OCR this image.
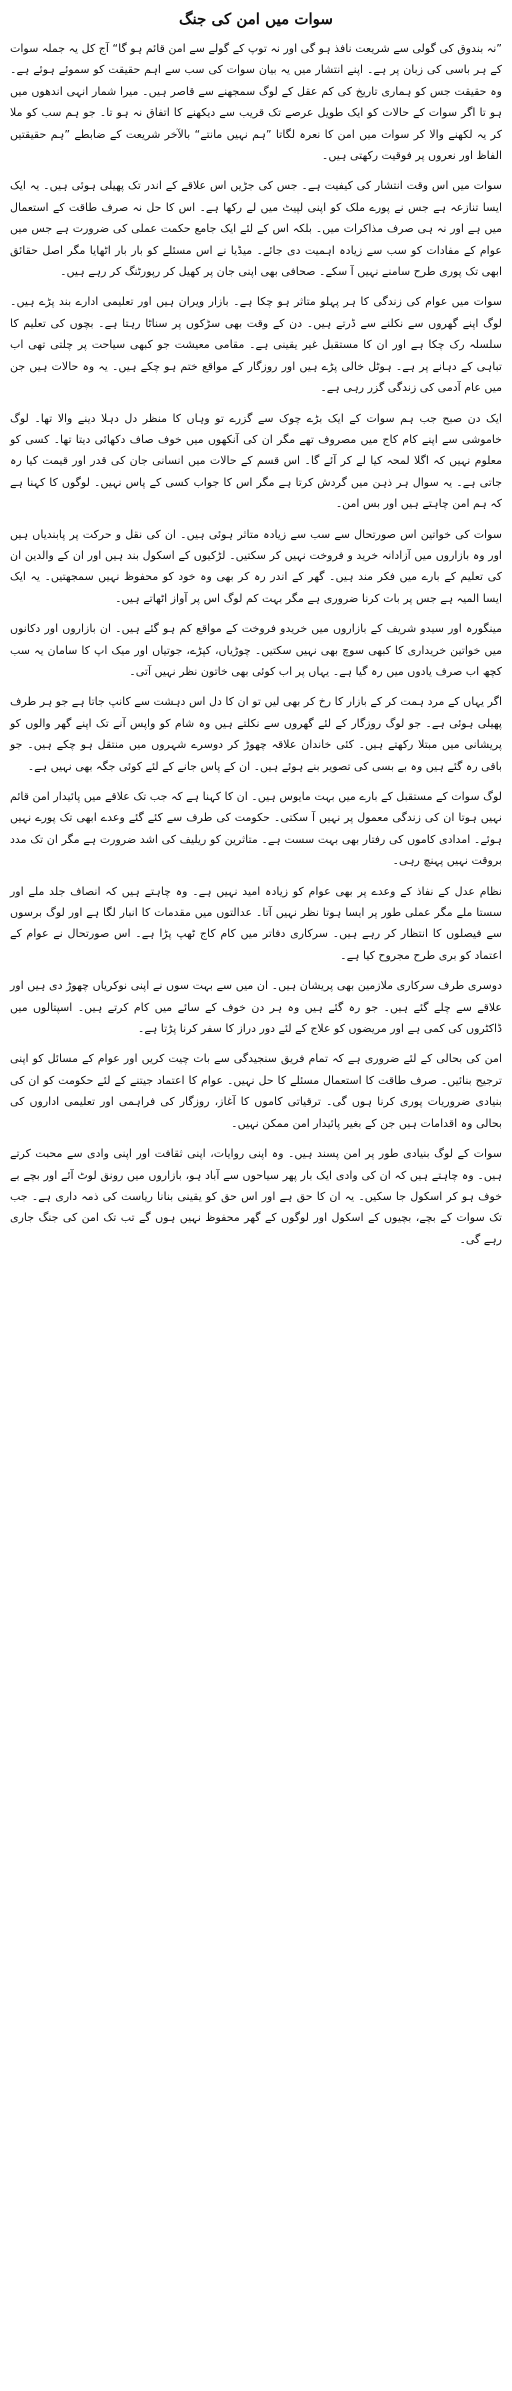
سوات میں امن کی جنگ

”نہ بندوق کی گولی سے شریعت نافذ ہو گی اور نہ توپ کے گولے سے امن قائم ہو گا“ آج کل یہ جملہ سوات کے ہر باسی کی زبان پر ہے۔ اپنے انتشار میں یہ بیان سوات کی سب سے اہم حقیقت کو سموئے ہوئے ہے۔ وہ حقیقت جس کو ہماری تاریخ کی کم عقل کے لوگ سمجھنے سے قاصر ہیں۔ میرا شمار انہی اندھوں میں ہو تا اگر سوات کے حالات کو ایک طویل عرصے تک قریب سے دیکھنے کا اتفاق نہ ہو تا۔ جو ہم سب کو ملا کر یہ لکھنے والا کر سوات میں امن کا نعرہ لگاتا ”ہم نہیں مانتے“ بالآخر شریعت کے ضابطے ”ہم حقیقتیں الفاظ اور نعروں پر فوقیت رکھتی ہیں۔

سوات میں اس وقت انتشار کی کیفیت ہے۔ جس کی جڑیں اس علاقے کے اندر تک پھیلی ہوئی ہیں۔ یہ ایک ایسا تنازعہ ہے جس نے پورے ملک کو اپنی لپیٹ میں لے رکھا ہے۔ اس کا حل نہ صرف طاقت کے استعمال میں ہے اور نہ ہی صرف مذاکرات میں۔ بلکہ اس کے لئے ایک جامع حکمت عملی کی ضرورت ہے جس میں عوام کے مفادات کو سب سے زیادہ اہمیت دی جائے۔ میڈیا نے اس مسئلے کو بار بار اٹھایا مگر اصل حقائق ابھی تک پوری طرح سامنے نہیں آ سکے۔ صحافی بھی اپنی جان پر کھیل کر رپورٹنگ کر رہے ہیں۔

سوات میں عوام کی زندگی کا ہر پہلو متاثر ہو چکا ہے۔ بازار ویران ہیں اور تعلیمی ادارے بند پڑے ہیں۔ لوگ اپنے گھروں سے نکلنے سے ڈرتے ہیں۔ دن کے وقت بھی سڑکوں پر سناٹا رہتا ہے۔ بچوں کی تعلیم کا سلسلہ رک چکا ہے اور ان کا مستقبل غیر یقینی ہے۔ مقامی معیشت جو کبھی سیاحت پر چلتی تھی اب تباہی کے دہانے پر ہے۔ ہوٹل خالی پڑے ہیں اور روزگار کے مواقع ختم ہو چکے ہیں۔ یہ وہ حالات ہیں جن میں عام آدمی کی زندگی گزر رہی ہے۔

ایک دن صبح جب ہم سوات کے ایک بڑے چوک سے گزرے تو وہاں کا منظر دل دہلا دینے والا تھا۔ لوگ خاموشی سے اپنے کام کاج میں مصروف تھے مگر ان کی آنکھوں میں خوف صاف دکھائی دیتا تھا۔ کسی کو معلوم نہیں کہ اگلا لمحہ کیا لے کر آئے گا۔ اس قسم کے حالات میں انسانی جان کی قدر اور قیمت کیا رہ جاتی ہے۔ یہ سوال ہر ذہن میں گردش کرتا ہے مگر اس کا جواب کسی کے پاس نہیں۔ لوگوں کا کہنا ہے کہ ہم امن چاہتے ہیں اور بس امن۔

سوات کی خواتین اس صورتحال سے سب سے زیادہ متاثر ہوئی ہیں۔ ان کی نقل و حرکت پر پابندیاں ہیں اور وہ بازاروں میں آزادانہ خرید و فروخت نہیں کر سکتیں۔ لڑکیوں کے اسکول بند ہیں اور ان کے والدین ان کی تعلیم کے بارے میں فکر مند ہیں۔ گھر کے اندر رہ کر بھی وہ خود کو محفوظ نہیں سمجھتیں۔ یہ ایک ایسا المیہ ہے جس پر بات کرنا ضروری ہے مگر بہت کم لوگ اس پر آواز اٹھاتے ہیں۔

مینگورہ اور سیدو شریف کے بازاروں میں خریدو فروخت کے مواقع کم ہو گئے ہیں۔ ان بازاروں اور دکانوں میں خواتین خریداری کا کبھی سوچ بھی نہیں سکتیں۔ چوڑیاں، کپڑے، جوتیاں اور میک اپ کا سامان یہ سب کچھ اب صرف یادوں میں رہ گیا ہے۔ یہاں پر اب کوئی بھی خاتون نظر نہیں آتی۔

اگر یہاں کے مرد ہمت کر کے بازار کا رخ کر بھی لیں تو ان کا دل اس دہشت سے کانپ جاتا ہے جو ہر طرف پھیلی ہوئی ہے۔ جو لوگ روزگار کے لئے گھروں سے نکلتے ہیں وہ شام کو واپس آنے تک اپنے گھر والوں کو پریشانی میں مبتلا رکھتے ہیں۔ کئی خاندان علاقہ چھوڑ کر دوسرے شہروں میں منتقل ہو چکے ہیں۔ جو باقی رہ گئے ہیں وہ بے بسی کی تصویر بنے ہوئے ہیں۔ ان کے پاس جانے کے لئے کوئی جگہ بھی نہیں ہے۔

لوگ سوات کے مستقبل کے بارے میں بہت مایوس ہیں۔ ان کا کہنا ہے کہ جب تک علاقے میں پائیدار امن قائم نہیں ہوتا ان کی زندگی معمول پر نہیں آ سکتی۔ حکومت کی طرف سے کئے گئے وعدے ابھی تک پورے نہیں ہوئے۔ امدادی کاموں کی رفتار بھی بہت سست ہے۔ متاثرین کو ریلیف کی اشد ضرورت ہے مگر ان تک مدد بروقت نہیں پہنچ رہی۔

نظام عدل کے نفاذ کے وعدے پر بھی عوام کو زیادہ امید نہیں ہے۔ وہ چاہتے ہیں کہ انصاف جلد ملے اور سستا ملے مگر عملی طور پر ایسا ہوتا نظر نہیں آتا۔ عدالتوں میں مقدمات کا انبار لگا ہے اور لوگ برسوں سے فیصلوں کا انتظار کر رہے ہیں۔ سرکاری دفاتر میں کام کاج ٹھپ پڑا ہے۔ اس صورتحال نے عوام کے اعتماد کو بری طرح مجروح کیا ہے۔

دوسری طرف سرکاری ملازمین بھی پریشان ہیں۔ ان میں سے بہت سوں نے اپنی نوکریاں چھوڑ دی ہیں اور علاقے سے چلے گئے ہیں۔ جو رہ گئے ہیں وہ ہر دن خوف کے سائے میں کام کرتے ہیں۔ اسپتالوں میں ڈاکٹروں کی کمی ہے اور مریضوں کو علاج کے لئے دور دراز کا سفر کرنا پڑتا ہے۔

امن کی بحالی کے لئے ضروری ہے کہ تمام فریق سنجیدگی سے بات چیت کریں اور عوام کے مسائل کو اپنی ترجیح بنائیں۔ صرف طاقت کا استعمال مسئلے کا حل نہیں۔ عوام کا اعتماد جیتنے کے لئے حکومت کو ان کی بنیادی ضروریات پوری کرنا ہوں گی۔ ترقیاتی کاموں کا آغاز، روزگار کی فراہمی اور تعلیمی اداروں کی بحالی وہ اقدامات ہیں جن کے بغیر پائیدار امن ممکن نہیں۔

سوات کے لوگ بنیادی طور پر امن پسند ہیں۔ وہ اپنی روایات، اپنی ثقافت اور اپنی وادی سے محبت کرتے ہیں۔ وہ چاہتے ہیں کہ ان کی وادی ایک بار پھر سیاحوں سے آباد ہو، بازاروں میں رونق لوٹ آئے اور بچے بے خوف ہو کر اسکول جا سکیں۔ یہ ان کا حق ہے اور اس حق کو یقینی بنانا ریاست کی ذمہ داری ہے۔ جب تک سوات کے بچے، بچیوں کے اسکول اور لوگوں کے گھر محفوظ نہیں ہوں گے تب تک امن کی جنگ جاری رہے گی۔
